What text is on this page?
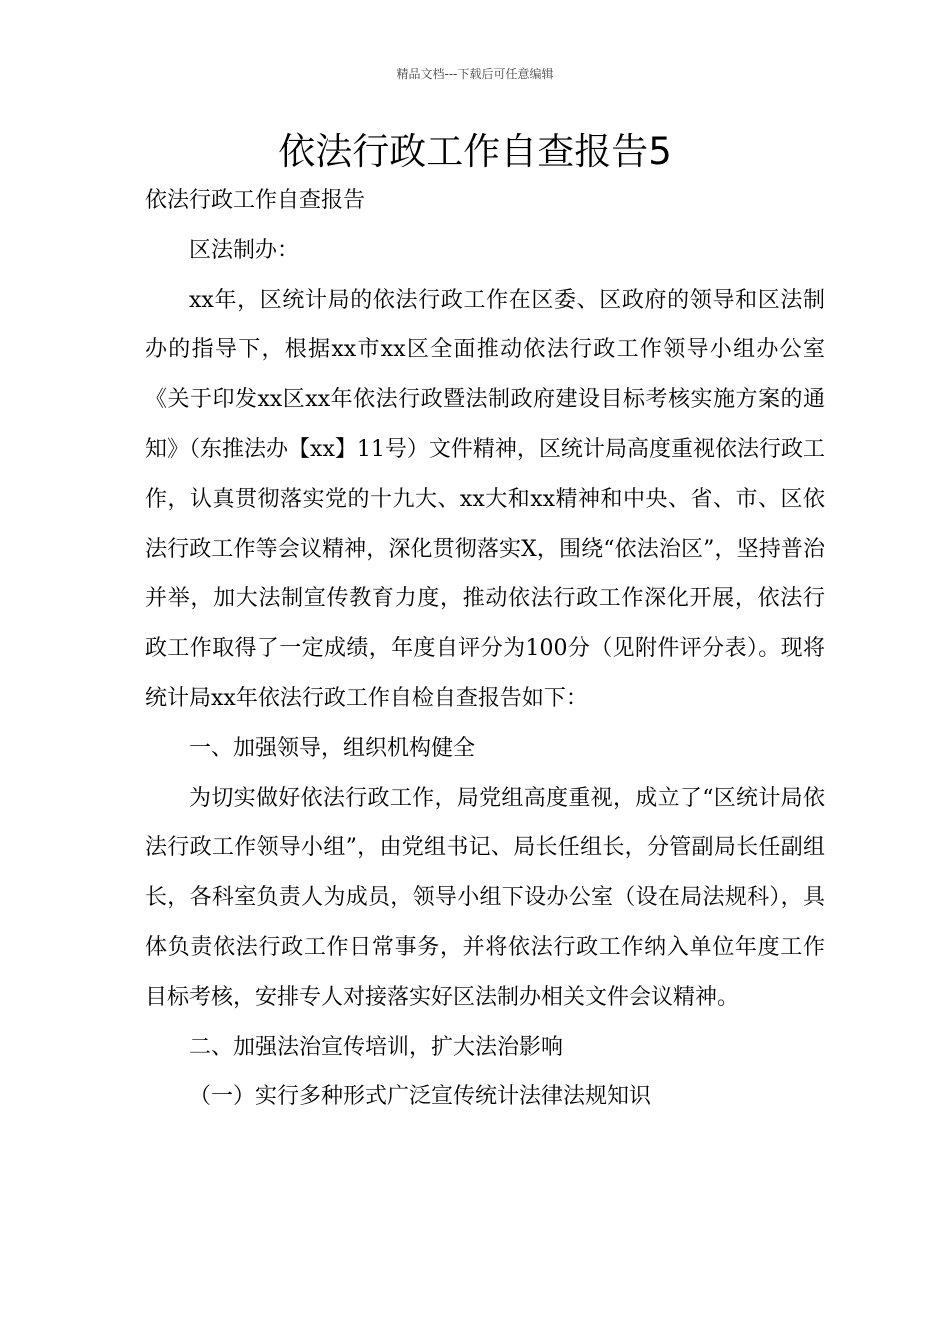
精品文档---下载后可任意编辑
依法行政工作自查报告5

依法行政工作自查报告

区法制办：

xx年，区统计局的依法行政工作在区委、区政府的领导和区法制办的指导下，根据xx市xx区全面推动依法行政工作领导小组办公室《关于印发xx区xx年依法行政暨法制政府建设目标考核实施方案的通知》（东推法办【xx】11号）文件精神，区统计局高度重视依法行政工作，认真贯彻落实党的十九大、xx大和xx精神和中央、省、市、区依法行政工作等会议精神，深化贯彻落实X，围绕“依法治区”，坚持普治并举，加大法制宣传教育力度，推动依法行政工作深化开展，依法行政工作取得了一定成绩，年度自评分为100分（见附件评分表）。现将统计局xx年依法行政工作自检自查报告如下：

一、加强领导，组织机构健全

为切实做好依法行政工作，局党组高度重视，成立了“区统计局依法行政工作领导小组”，由党组书记、局长任组长，分管副局长任副组长，各科室负责人为成员，领导小组下设办公室（设在局法规科），具体负责依法行政工作日常事务，并将依法行政工作纳入单位年度工作目标考核，安排专人对接落实好区法制办相关文件会议精神。

二、加强法治宣传培训，扩大法治影响

（一）实行多种形式广泛宣传统计法律法规知识
